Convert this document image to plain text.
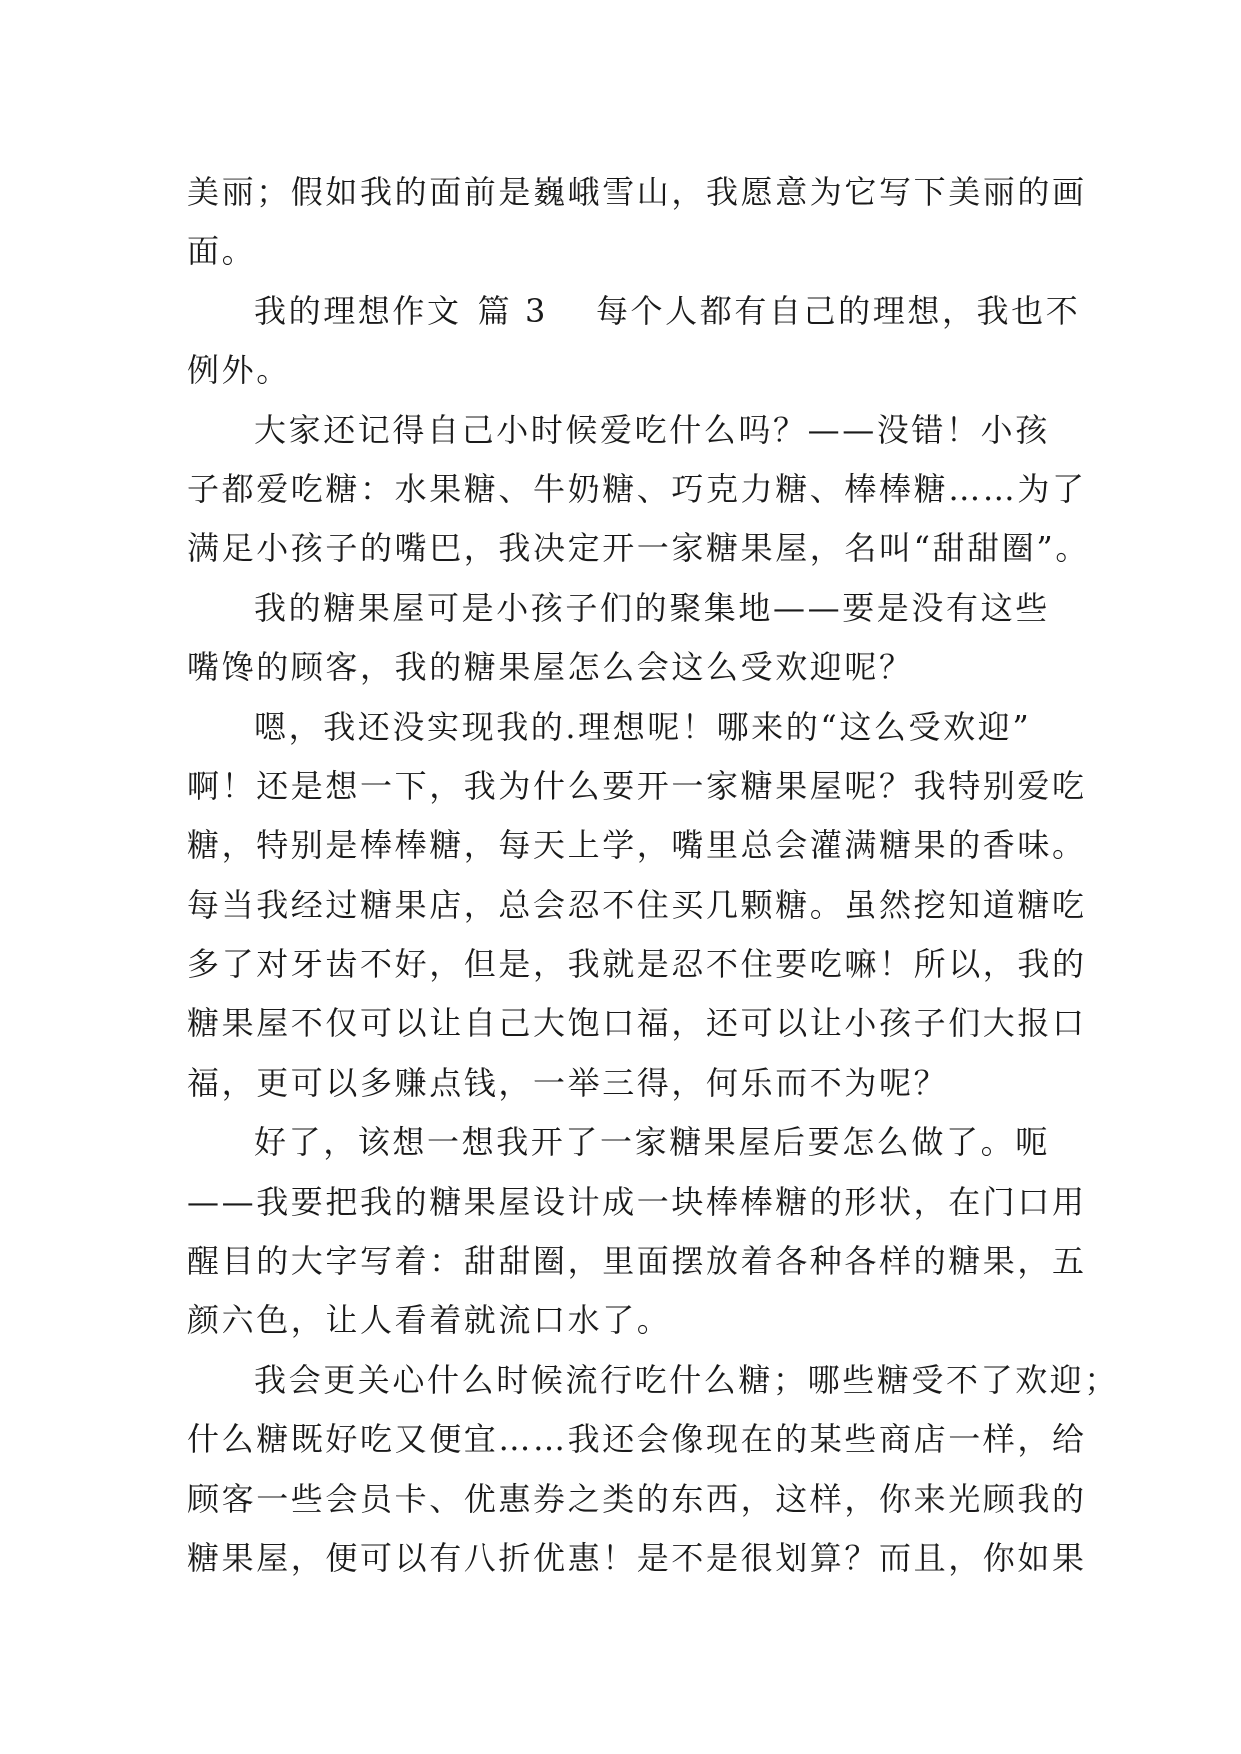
美丽；假如我的面前是巍峨雪山，我愿意为它写下美丽的画
面。
我的理想作文 篇 3 每个人都有自己的理想，我也不
例外。
大家还记得自己小时候爱吃什么吗？——没错！小孩
子都爱吃糖：水果糖、牛奶糖、巧克力糖、棒棒糖……为了
满足小孩子的嘴巴，我决定开一家糖果屋，名叫“甜甜圈”。
我的糖果屋可是小孩子们的聚集地——要是没有这些
嘴馋的顾客，我的糖果屋怎么会这么受欢迎呢？
嗯，我还没实现我的.理想呢！哪来的“这么受欢迎”
啊！还是想一下，我为什么要开一家糖果屋呢？我特别爱吃
糖，特别是棒棒糖，每天上学，嘴里总会灌满糖果的香味。
每当我经过糖果店，总会忍不住买几颗糖。虽然挖知道糖吃
多了对牙齿不好，但是，我就是忍不住要吃嘛！所以，我的
糖果屋不仅可以让自己大饱口福，还可以让小孩子们大报口
福，更可以多赚点钱，一举三得，何乐而不为呢？
好了，该想一想我开了一家糖果屋后要怎么做了。呃
——我要把我的糖果屋设计成一块棒棒糖的形状，在门口用
醒目的大字写着：甜甜圈，里面摆放着各种各样的糖果，五
颜六色，让人看着就流口水了。
我会更关心什么时候流行吃什么糖；哪些糖受不了欢迎；
什么糖既好吃又便宜……我还会像现在的某些商店一样，给
顾客一些会员卡、优惠券之类的东西，这样，你来光顾我的
糖果屋，便可以有八折优惠！是不是很划算？而且，你如果
